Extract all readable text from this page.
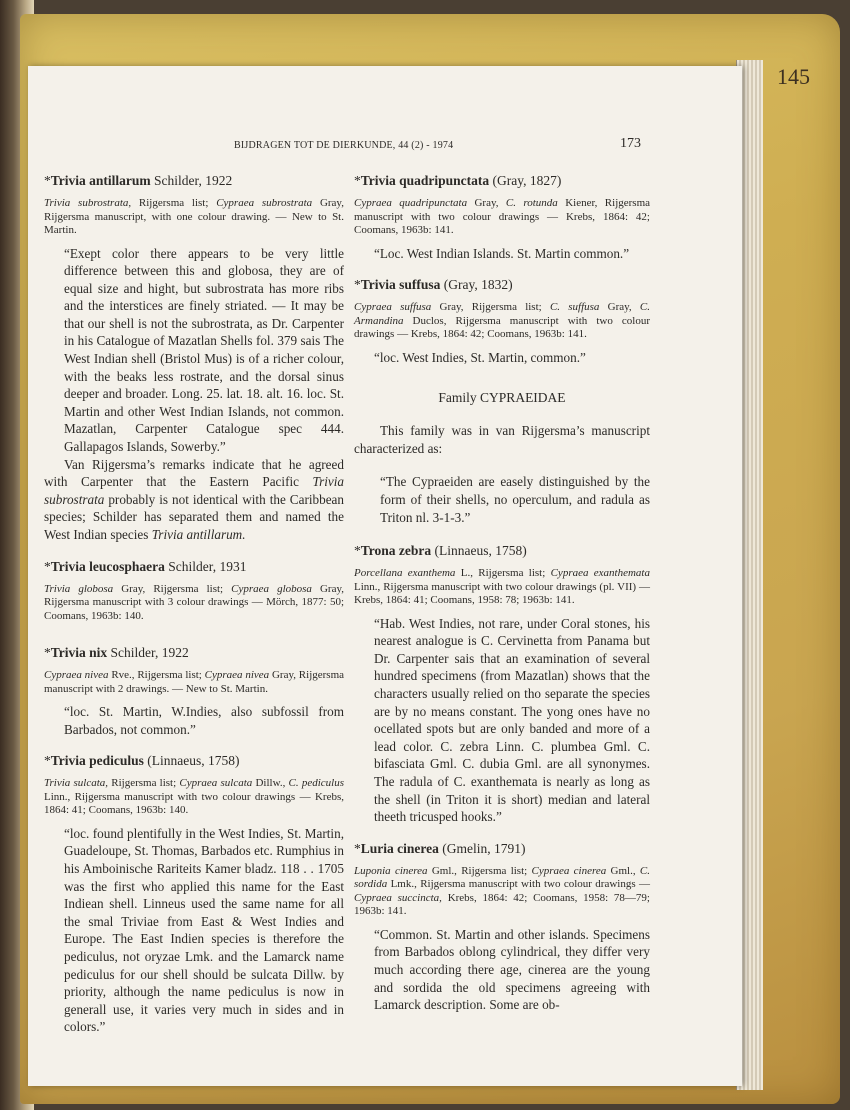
145
BIJDRAGEN TOT DE DIERKUNDE, 44 (2) - 1974	173

*Trivia antillarum Schilder, 1922

Trivia subrostrata, Rijgersma list; Cypraea subrostrata Gray, Rijgersma manuscript, with one colour drawing. — New to St. Martin.

“Exept color there appears to be very little difference between this and globosa, they are of equal size and hight, but subrostrata has more ribs and the interstices are finely striated. — It may be that our shell is not the subrostrata, as Dr. Carpenter in his Catalogue of Mazatlan Shells fol. 379 sais The West Indian shell (Bristol Mus) is of a richer colour, with the beaks less rostrate, and the dorsal sinus deeper and broader. Long. 25. lat. 18. alt. 16. loc. St. Martin and other West Indian Islands, not common. Mazatlan, Carpenter Catalogue spec 444. Gallapagos Islands, Sowerby.”

Van Rijgersma’s remarks indicate that he agreed with Carpenter that the Eastern Pacific Trivia subrostrata probably is not identical with the Caribbean species; Schilder has separated them and named the West Indian species Trivia antillarum.

*Trivia leucosphaera Schilder, 1931

Trivia globosa Gray, Rijgersma list; Cypraea globosa Gray, Rijgersma manuscript with 3 colour drawings — Mörch, 1877: 50; Coomans, 1963b: 140.

*Trivia nix Schilder, 1922

Cypraea nivea Rve., Rijgersma list; Cypraea nivea Gray, Rijgersma manuscript with 2 drawings. — New to St. Martin.

“loc. St. Martin, W.Indies, also subfossil from Barbados, not common.”

*Trivia pediculus (Linnaeus, 1758)

Trivia sulcata, Rijgersma list; Cypraea sulcata Dillw., C. pediculus Linn., Rijgersma manuscript with two colour drawings — Krebs, 1864: 41; Coomans, 1963b: 140.

“loc. found plentifully in the West Indies, St. Martin, Guadeloupe, St. Thomas, Barbados etc. Rumphius in his Amboinische Rariteits Kamer bladz. 118 . . 1705 was the first who applied this name for the East Indiean shell. Linneus used the same name for all the smal Triviae from East & West Indies and Europe. The East Indien species is therefore the pediculus, not oryzae Lmk. and the Lamarck name pediculus for our shell should be sulcata Dillw. by priority, although the name pediculus is now in generall use, it varies very much in sides and in colors.”

*Trivia quadripunctata (Gray, 1827)

Cypraea quadripunctata Gray, C. rotunda Kiener, Rijgersma manuscript with two colour drawings — Krebs, 1864: 42; Coomans, 1963b: 141.

“Loc. West Indian Islands. St. Martin common.”

*Trivia suffusa (Gray, 1832)

Cypraea suffusa Gray, Rijgersma list; C. suffusa Gray, C. Armandina Duclos, Rijgersma manuscript with two colour drawings — Krebs, 1864: 42; Coomans, 1963b: 141.

“loc. West Indies, St. Martin, common.”

Family CYPRAEIDAE

This family was in van Rijgersma’s manuscript characterized as:

“The Cypraeiden are easely distinguished by the form of their shells, no operculum, and radula as Triton nl. 3-1-3.”

*Trona zebra (Linnaeus, 1758)

Porcellana exanthema L., Rijgersma list; Cypraea exanthemata Linn., Rijgersma manuscript with two colour drawings (pl. VII) — Krebs, 1864: 41; Coomans, 1958: 78; 1963b: 141.

“Hab. West Indies, not rare, under Coral stones, his nearest analogue is C. Cervinetta from Panama but Dr. Carpenter sais that an examination of several hundred specimens (from Mazatlan) shows that the characters usually relied on tho separate the species are by no means constant. The yong ones have no ocellated spots but are only banded and more of a lead color. C. zebra Linn. C. plumbea Gml. C. bifasciata Gml. C. dubia Gml. are all synonymes. The radula of C. exanthemata is nearly as long as the shell (in Triton it is short) median and lateral theeth tricusped hooks.”

*Luria cinerea (Gmelin, 1791)

Luponia cinerea Gml., Rijgersma list; Cypraea cinerea Gml., C. sordida Lmk., Rijgersma manuscript with two colour drawings — Cypraea succincta, Krebs, 1864: 42; Coomans, 1958: 78—79; 1963b: 141.

“Common. St. Martin and other islands. Specimens from Barbados oblong cylindrical, they differ very much according there age, cinerea are the young and sordida the old specimens agreeing with Lamarck description. Some are ob-
